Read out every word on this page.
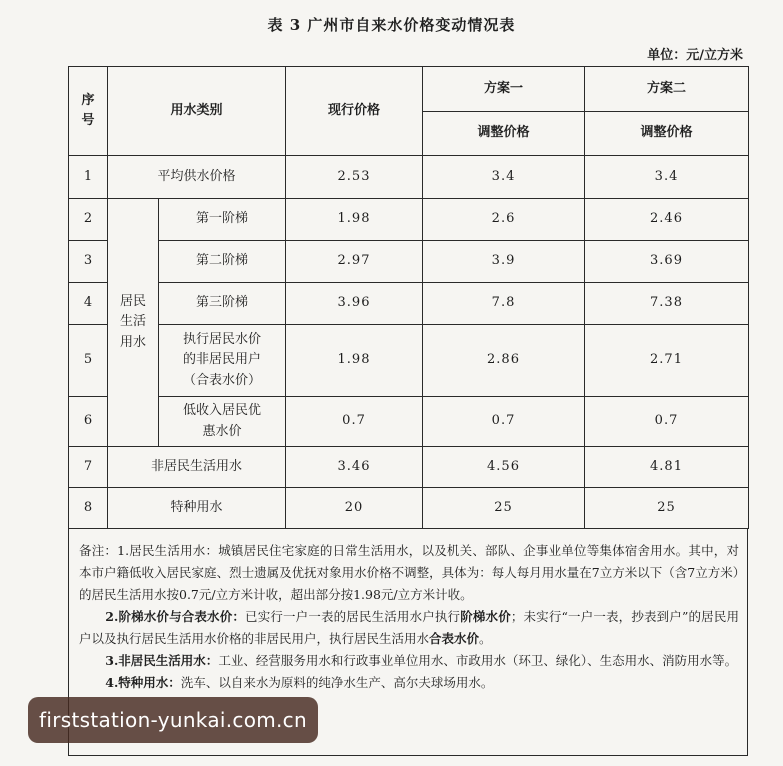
表 3 广州市自来水价格变动情况表
单位：元/立方米
序
号	用水类别		现行价格	方案一	方案二
				调整价格	调整价格
1	平均供水价格		2.53	3.4	3.4
2	居民
生活
用水	第一阶梯	1.98	2.6	2.46
3		第二阶梯	2.97	3.9	3.69
4		第三阶梯	3.96	7.8	7.38
5		执行居民水价
的非居民用户
（合表水价）	1.98	2.86	2.71
6		低收入居民优
惠水价	0.7	0.7	0.7
7	非居民生活用水		3.46	4.56	4.81
8	特种用水		20	25	25

备注：1.居民生活用水：城镇居民住宅家庭的日常生活用水，以及机关、部队、企事业单位等集体宿舍用水。其中，对本市户籍低收入居民家庭、烈士遗属及优抚对象用水价格不调整，具体为：每人每月用水量在7立方米以下（含7立方米）的居民生活用水按0.7元/立方米计收，超出部分按1.98元/立方米计收。

2.阶梯水价与合表水价：已实行一户一表的居民生活用水户执行阶梯水价；未实行“一户一表，抄表到户”的居民用户以及执行居民生活用水价格的非居民用户，执行居民生活用水合表水价。

3.非居民生活用水：工业、经营服务用水和行政事业单位用水、市政用水（环卫、绿化）、生态用水、消防用水等。

4.特种用水：洗车、以自来水为原料的纯净水生产、高尔夫球场用水。

firststation-yunkai.com.cn
